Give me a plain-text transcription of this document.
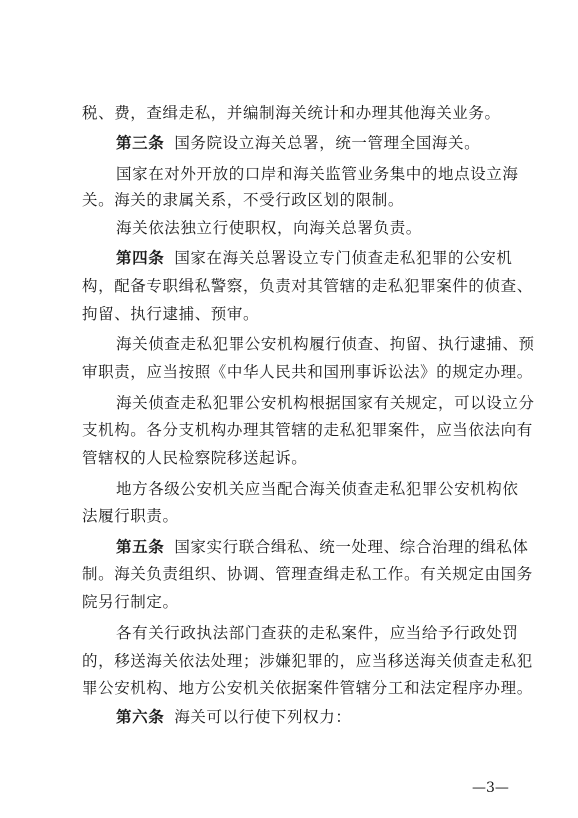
税、费，查缉走私，并编制海关统计和办理其他海关业务。
第三条 国务院设立海关总署，统一管理全国海关。
国家在对外开放的口岸和海关监管业务集中的地点设立海
关。海关的隶属关系，不受行政区划的限制。
海关依法独立行使职权，向海关总署负责。
第四条 国家在海关总署设立专门侦查走私犯罪的公安机
构，配备专职缉私警察，负责对其管辖的走私犯罪案件的侦查、
拘留、执行逮捕、预审。
海关侦查走私犯罪公安机构履行侦查、拘留、执行逮捕、预
审职责，应当按照《中华人民共和国刑事诉讼法》的规定办理。
海关侦查走私犯罪公安机构根据国家有关规定，可以设立分
支机构。各分支机构办理其管辖的走私犯罪案件，应当依法向有
管辖权的人民检察院移送起诉。
地方各级公安机关应当配合海关侦查走私犯罪公安机构依
法履行职责。
第五条 国家实行联合缉私、统一处理、综合治理的缉私体
制。海关负责组织、协调、管理查缉走私工作。有关规定由国务
院另行制定。
各有关行政执法部门查获的走私案件，应当给予行政处罚
的，移送海关依法处理；涉嫌犯罪的，应当移送海关侦查走私犯
罪公安机构、地方公安机关依据案件管辖分工和法定程序办理。
第六条 海关可以行使下列权力：
—3—
